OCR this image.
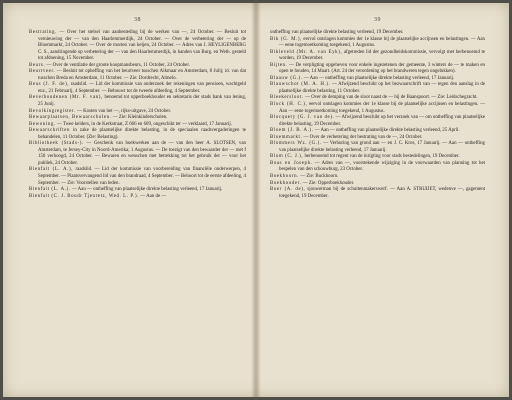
38

Bestrating. — Over het stelsel van aanbesteding bij de werken van —, 24 October. — Besluit tot vernieuwing der — van den Haarlemmerdijk, 24 October. — Over de verbetering der — op de Bloemmarkt, 24 October. — Over de morten van keijen, 24 October. — Adres van J. HEYLIGENBERG C. S., aandringende op verbetering der — van den Haarlemmerdijk, in handen van Burg. en Weth. gesteld tot afdoening, 15 November.

Beurs. — Over de ventilatie der groote koopmansbeurs, 11 October, 24 October.

Beurtveer. — Besluit tot opheffing van het beurtveer tusschen Alkmaar en Amsterdam, 8 Julij; id. van dat tusschen Breda en Amsterdam, 11 October. — Zie: Dordrecht, Almelo.

Beus (J. F. de), raadslid. — Lid der kommissie van onderzoek der rekeningen van pensioen, wachtgeld enz., 21 Februarij, 4 September. — Bebouwt tot de tweede afdeeling, 4 September.

Beverhoudenen (Mr. F. van), benoemd tot opperboekhouder en sekretaris der stads bank van lening, 25 Junij.

Bevolkingregister. — Kosten van het —, rijks-uitgave, 24 October.

Bewaarplaatsen, Bewaarscholen. — Zie: Kleinkinderscholen.

Bewoning. — Twee kelders, in de Kerkstraat, Z 666 en 609, ongeschikt ter — verklaard, 17 Januarij.

Bewaarschriften in zake de plaatselijke direkte belasting, in de speciaalen raadsvergaderingen te behandelen, 11 October. (Zie: Belasting).

Bibliotheek (Stads-). — Geschenk van boekwerken aan de — van den heer A. SLOTSEN, van Amsterdam, te Jersey-City in Noord-Amerika; 1 Augustus. — De toezigt van den bewaarder der — met f 150 verhoogd, 24 October. — Bewaren en wenschen met betrekking tot het gebruik der — voor het publiek, 24 October.

Bienfait (L. A.), raadslid. — Lid der kommissie van voorbereiding van financiële onderwerpen, 4 September. — Plaatsvervangend lid van den brandraad, 4 September. — Behoort tot de eerste afdeeling, 4 September. — Zie: Voorstellen van leden.

Bienfait (L. A.). — Aan — ontheffing van plaatselijke direkte belasting verleend, 17 Januarij.

Bienfait (C. J. Boudr Tjenretz, Wed. L. P.). — Aan de —

39

ontheffing van plaatselijke direkte belasting verleend, 19 December.

Bik (G. M.), eervol ontslagen kommies der 1e klasse bij de plaatselijke accijnsen en belastingen. — Aan — eene togemoetkoming toegekend, 1 Augustus.

Bikleveld (Mr. A. van Eyk), afgetreden lid der gezondheidskommissie, vervolgt met herbenoemd te worden, 19 December.

Bijten. — De verpligting opgeheven voor enkele ingezetenen der gemeente, 3 winters de — te maken en open te houden, 14 Maart. (Art. 24 der verordening op het brandweren tegen ongelukken).

Blaauw (G.). — Aan — ontheffing van plaatselijke direkte belasting verleend, 17 Januarij.

Blauwschot (M. A. H.). — Afwijzend beschikt op het bezwaarschrift van — tegen den aanslag in de plaatselijke direkte belasting, 11 October.

Bleekersloot. — Over de demping van de sloot naast de — bij de Baanspoort. — Zie: Leidschegracht.

Block (H. C.), eervol ontslagen kommies der 1e klasse bij de plaatselijke accijnsen en belastingen. — Aan — eene togemoetkoming toegekend, 1 Augustus.

Blocquery (G. J. van de). — Afwijzend beschikt op het verzoek van — om ontheffing van plaatselijke direkte belasting, 19 December.

Bloem (J. B. A.). — Aan — ontheffing van plaatselijke direkte belasting verleend, 25 April.

Bloemmarkt. — Over de verbetering der bestrating van de —, 24 October.

Blommers Wz. (G.). — Verhuring van grond aan — en J. C. Kros, 17 Januarij. — Aan — ontheffing van plaatselijke direkte belasting verleend, 17 Januarij.

Blom (C. J.), herbenoemd tot regent van de inrigting voor stads bestedelingen, 19 December.

Boas en Joseph. — Adres van —, voorstekende wijziging in de voorwaarden van planning tot het bespelen van den schouwburg, 23 October.

Boekhoorn. — Zie: Buckhoorn.

Boekhouder. — Zie: Opperboekhouder.

Boer (A. de), sjouwerman bij de schuitenmakerswerf. — Aan A. STRUIJET, wedenve —, gagement toegekend, 19 December.
